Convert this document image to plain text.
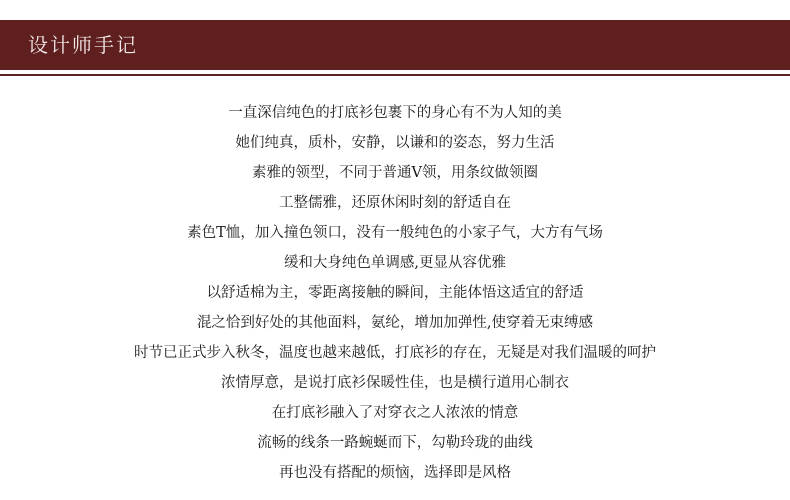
设计师手记
一直深信纯色的打底衫包裹下的身心有不为人知的美
她们纯真，质朴，安静，以谦和的姿态，努力生活
素雅的领型，不同于普通V领，用条纹做领圈
工整儒雅，还原休闲时刻的舒适自在
素色T恤，加入撞色领口，没有一般纯色的小家子气，大方有气场
缓和大身纯色单调感,更显从容优雅
以舒适棉为主，零距离接触的瞬间，主能体悟这适宜的舒适
混之恰到好处的其他面料，氨纶，增加加弹性,使穿着无束缚感
时节已正式步入秋冬，温度也越来越低，打底衫的存在，无疑是对我们温暖的呵护
浓情厚意，是说打底衫保暖性佳，也是横行道用心制衣
在打底衫融入了对穿衣之人浓浓的情意
流畅的线条一路蜿蜒而下，勾勒玲珑的曲线
再也没有搭配的烦恼，选择即是风格
